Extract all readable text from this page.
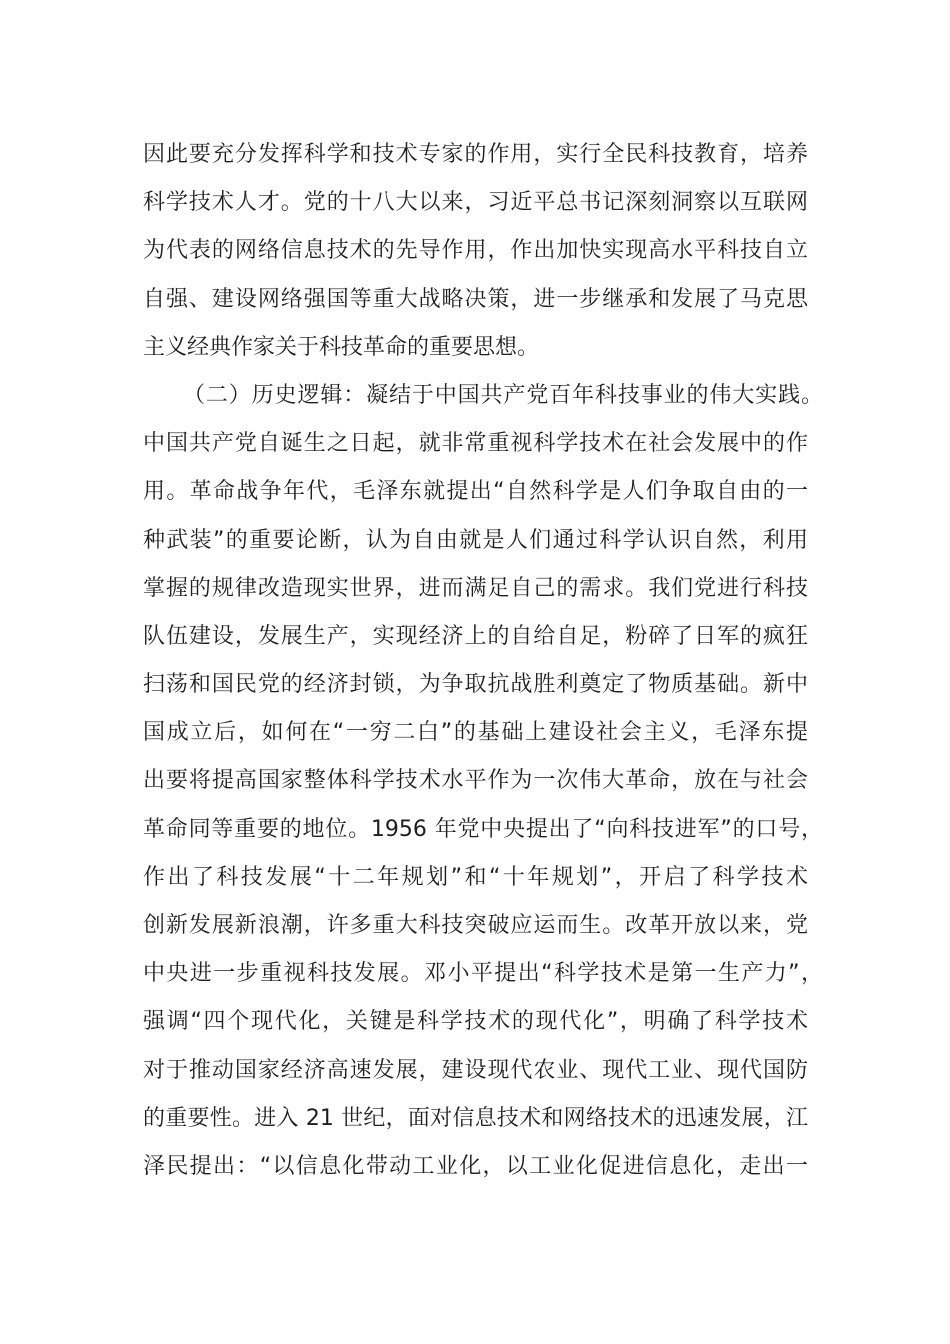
因此要充分发挥科学和技术专家的作用，实行全民科技教育，培养
科学技术人才。党的十八大以来，习近平总书记深刻洞察以互联网
为代表的网络信息技术的先导作用，作出加快实现高水平科技自立
自强、建设网络强国等重大战略决策，进一步继承和发展了马克思
主义经典作家关于科技革命的重要思想。
（二）历史逻辑：凝结于中国共产党百年科技事业的伟大实践。
中国共产党自诞生之日起，就非常重视科学技术在社会发展中的作
用。革命战争年代，毛泽东就提出“自然科学是人们争取自由的一
种武装”的重要论断，认为自由就是人们通过科学认识自然，利用
掌握的规律改造现实世界，进而满足自己的需求。我们党进行科技
队伍建设，发展生产，实现经济上的自给自足，粉碎了日军的疯狂
扫荡和国民党的经济封锁，为争取抗战胜利奠定了物质基础。新中
国成立后，如何在“一穷二白”的基础上建设社会主义，毛泽东提
出要将提高国家整体科学技术水平作为一次伟大革命，放在与社会
革命同等重要的地位。1956 年党中央提出了“向科技进军”的口号，
作出了科技发展“十二年规划”和“十年规划”，开启了科学技术
创新发展新浪潮，许多重大科技突破应运而生。改革开放以来，党
中央进一步重视科技发展。邓小平提出“科学技术是第一生产力”，
强调“四个现代化，关键是科学技术的现代化”，明确了科学技术
对于推动国家经济高速发展，建设现代农业、现代工业、现代国防
的重要性。进入 21 世纪，面对信息技术和网络技术的迅速发展，江
泽民提出：“以信息化带动工业化，以工业化促进信息化，走出一
